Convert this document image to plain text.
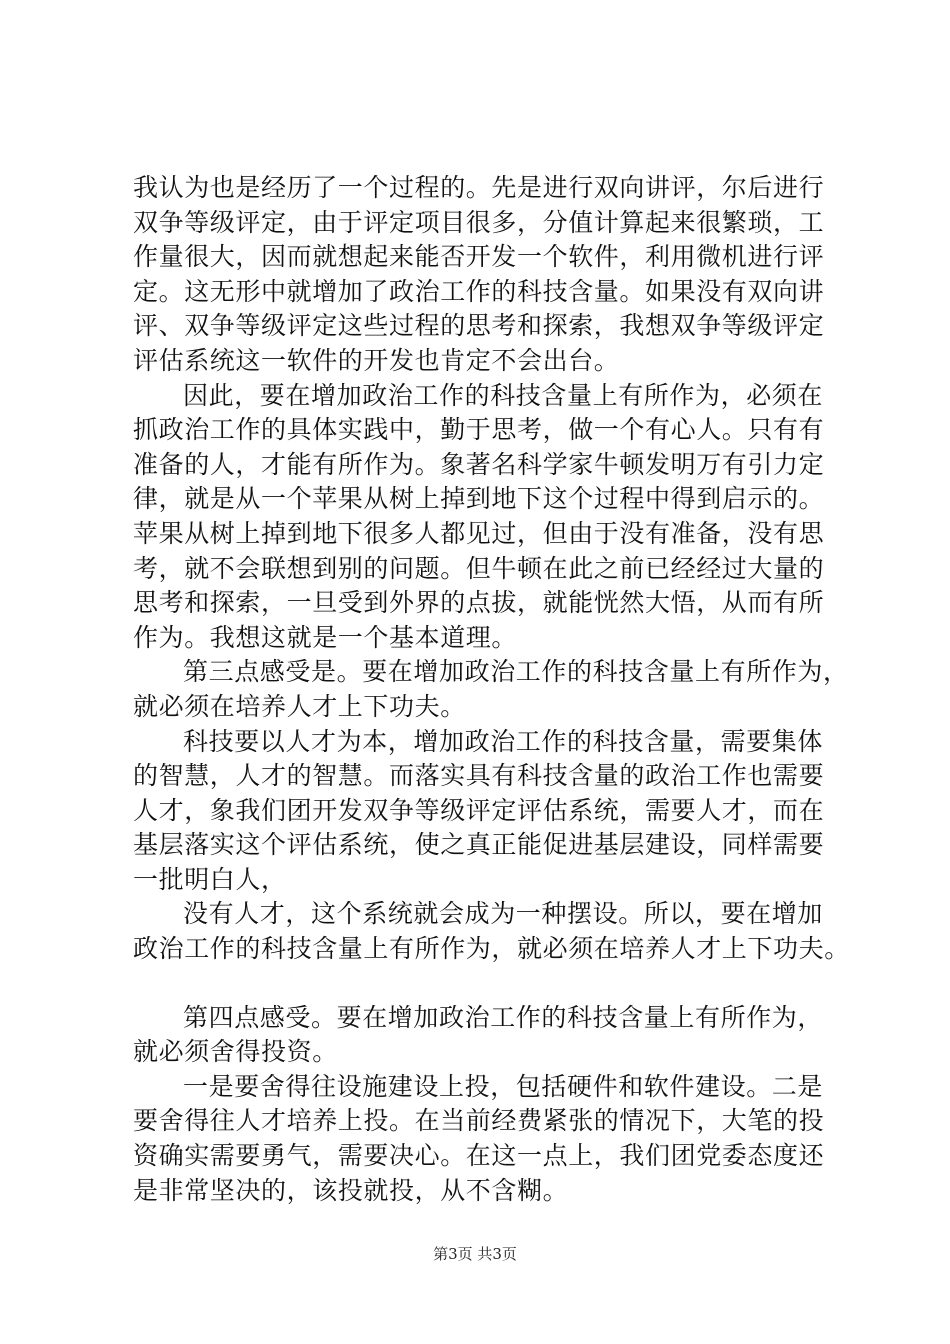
我认为也是经历了一个过程的。先是进行双向讲评，尔后进行
双争等级评定，由于评定项目很多，分值计算起来很繁琐，工
作量很大，因而就想起来能否开发一个软件，利用微机进行评
定。这无形中就增加了政治工作的科技含量。如果没有双向讲
评、双争等级评定这些过程的思考和探索，我想双争等级评定
评估系统这一软件的开发也肯定不会出台。
因此，要在增加政治工作的科技含量上有所作为，必须在
抓政治工作的具体实践中，勤于思考，做一个有心人。只有有
准备的人，才能有所作为。象著名科学家牛顿发明万有引力定
律，就是从一个苹果从树上掉到地下这个过程中得到启示的。
苹果从树上掉到地下很多人都见过，但由于没有准备，没有思
考，就不会联想到别的问题。但牛顿在此之前已经经过大量的
思考和探索，一旦受到外界的点拔，就能恍然大悟，从而有所
作为。我想这就是一个基本道理。
第三点感受是。要在增加政治工作的科技含量上有所作为，
就必须在培养人才上下功夫。
科技要以人才为本，增加政治工作的科技含量，需要集体
的智慧，人才的智慧。而落实具有科技含量的政治工作也需要
人才，象我们团开发双争等级评定评估系统，需要人才，而在
基层落实这个评估系统，使之真正能促进基层建设，同样需要
一批明白人，
没有人才，这个系统就会成为一种摆设。所以，要在增加
政治工作的科技含量上有所作为，就必须在培养人才上下功夫。
第四点感受。要在增加政治工作的科技含量上有所作为，
就必须舍得投资。
一是要舍得往设施建设上投，包括硬件和软件建设。二是
要舍得往人才培养上投。在当前经费紧张的情况下，大笔的投
资确实需要勇气，需要决心。在这一点上，我们团党委态度还
是非常坚决的，该投就投，从不含糊。
第3页 共3页
